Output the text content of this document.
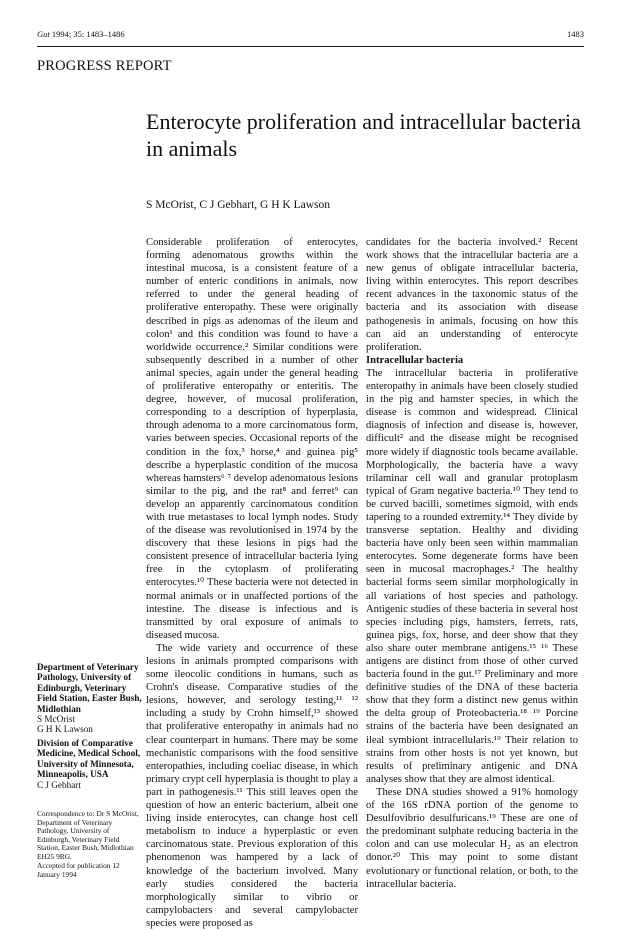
Gut 1994; 35: 1483–1486	1483
PROGRESS REPORT
Enterocyte proliferation and intracellular bacteria in animals
S McOrist, C J Gebhart, G H K Lawson

Considerable proliferation of enterocytes, forming adenomatous growths within the intestinal mucosa, is a consistent feature of a number of enteric conditions in animals, now referred to under the general heading of proliferative enteropathy. These were originally described in pigs as adenomas of the ileum and colon¹ and this condition was found to have a worldwide occurrence.² Similar conditions were subsequently described in a number of other animal species, again under the general heading of proliferative enteropathy or enteritis. The degree, however, of mucosal proliferation, corresponding to a description of hyperplasia, through adenoma to a more carcinomatous form, varies between species. Occasional reports of the condition in the fox,³ horse,⁴ and guinea pig⁵ describe a hyperplastic condition of the mucosa whereas hamsters⁶ ⁷ develop adenomatous lesions similar to the pig, and the rat⁸ and ferret⁹ can develop an apparently carcinomatous condition with true metastases to local lymph nodes. Study of the disease was revolutionised in 1974 by the discovery that these lesions in pigs had the consistent presence of intracellular bacteria lying free in the cytoplasm of proliferating enterocytes.¹⁰ These bacteria were not detected in normal animals or in unaffected portions of the intestine. The disease is infectious and is transmitted by oral exposure of animals to diseased mucosa.

The wide variety and occurrence of these lesions in animals prompted comparisons with some ileocolic conditions in humans, such as Crohn's disease. Comparative studies of the lesions, however, and serology testing,¹¹ ¹² including a study by Crohn himself,¹³ showed that proliferative enteropathy in animals had no clear counterpart in humans. There may be some mechanistic comparisons with the food sensitive enteropathies, including coeliac disease, in which primary crypt cell hyperplasia is thought to play a part in pathogenesis.¹¹ This still leaves open the question of how an enteric bacterium, albeit one living inside enterocytes, can change host cell metabolism to induce a hyperplastic or even carcinomatous state. Previous exploration of this phenomenon was hampered by a lack of knowledge of the bacterium involved. Many early studies considered the bacteria morphologically similar to vibrio or campylobacters and several campylobacter species were proposed as

candidates for the bacteria involved.² Recent work shows that the intracellular bacteria are a new genus of obligate intracellular bacteria, living within enterocytes. This report describes recent advances in the taxonomic status of the bacteria and its association with disease pathogenesis in animals, focusing on how this can aid an understanding of enterocyte proliferation.

Intracellular bacteria

The intracellular bacteria in proliferative enteropathy in animals have been closely studied in the pig and hamster species, in which the disease is common and widespread. Clinical diagnosis of infection and disease is, however, difficult² and the disease might be recognised more widely if diagnostic tools became available. Morphologically, the bacteria have a wavy trilaminar cell wall and granular protoplasm typical of Gram negative bacteria.¹⁰ They tend to be curved bacilli, sometimes sigmoid, with ends tapering to a rounded extremity.¹⁴ They divide by transverse septation. Healthy and dividing bacteria have only been seen within mammalian enterocytes. Some degenerate forms have been seen in mucosal macrophages.² The healthy bacterial forms seem similar morphologically in all variations of host species and pathology. Antigenic studies of these bacteria in several host species including pigs, hamsters, ferrets, rats, guinea pigs, fox, horse, and deer show that they also share outer membrane antigens.¹⁵ ¹⁶ These antigens are distinct from those of other curved bacteria found in the gut.¹⁷ Preliminary and more definitive studies of the DNA of these bacteria show that they form a distinct new genus within the delta group of Proteobacteria.¹⁸ ¹⁹ Porcine strains of the bacteria have been designated an ileal symbiont intracellularis.¹⁹ Their relation to strains from other hosts is not yet known, but results of preliminary antigenic and DNA analyses show that they are almost identical.

These DNA studies showed a 91% homology of the 16S rDNA portion of the genome to Desulfovibrio desulfuricans.¹⁹ These are one of the predominant sulphate reducing bacteria in the colon and can use molecular H₂ as an electron donor.²⁰ This may point to some distant evolutionary or functional relation, or both, to the intracellular bacteria.

Department of Veterinary Pathology, University of Edinburgh, Veterinary Field Station, Easter Bush, Midlothian
S McOrist
G H K Lawson
Division of Comparative Medicine, Medical School, University of Minnesota, Minneapolis, USA
C J Gebhart
Correspondence to: Dr S McOrist, Department of Veterinary Pathology, University of Edinburgh, Veterinary Field Station, Easter Bush, Midlothian EH25 9RG.
Accepted for publication 12 January 1994
